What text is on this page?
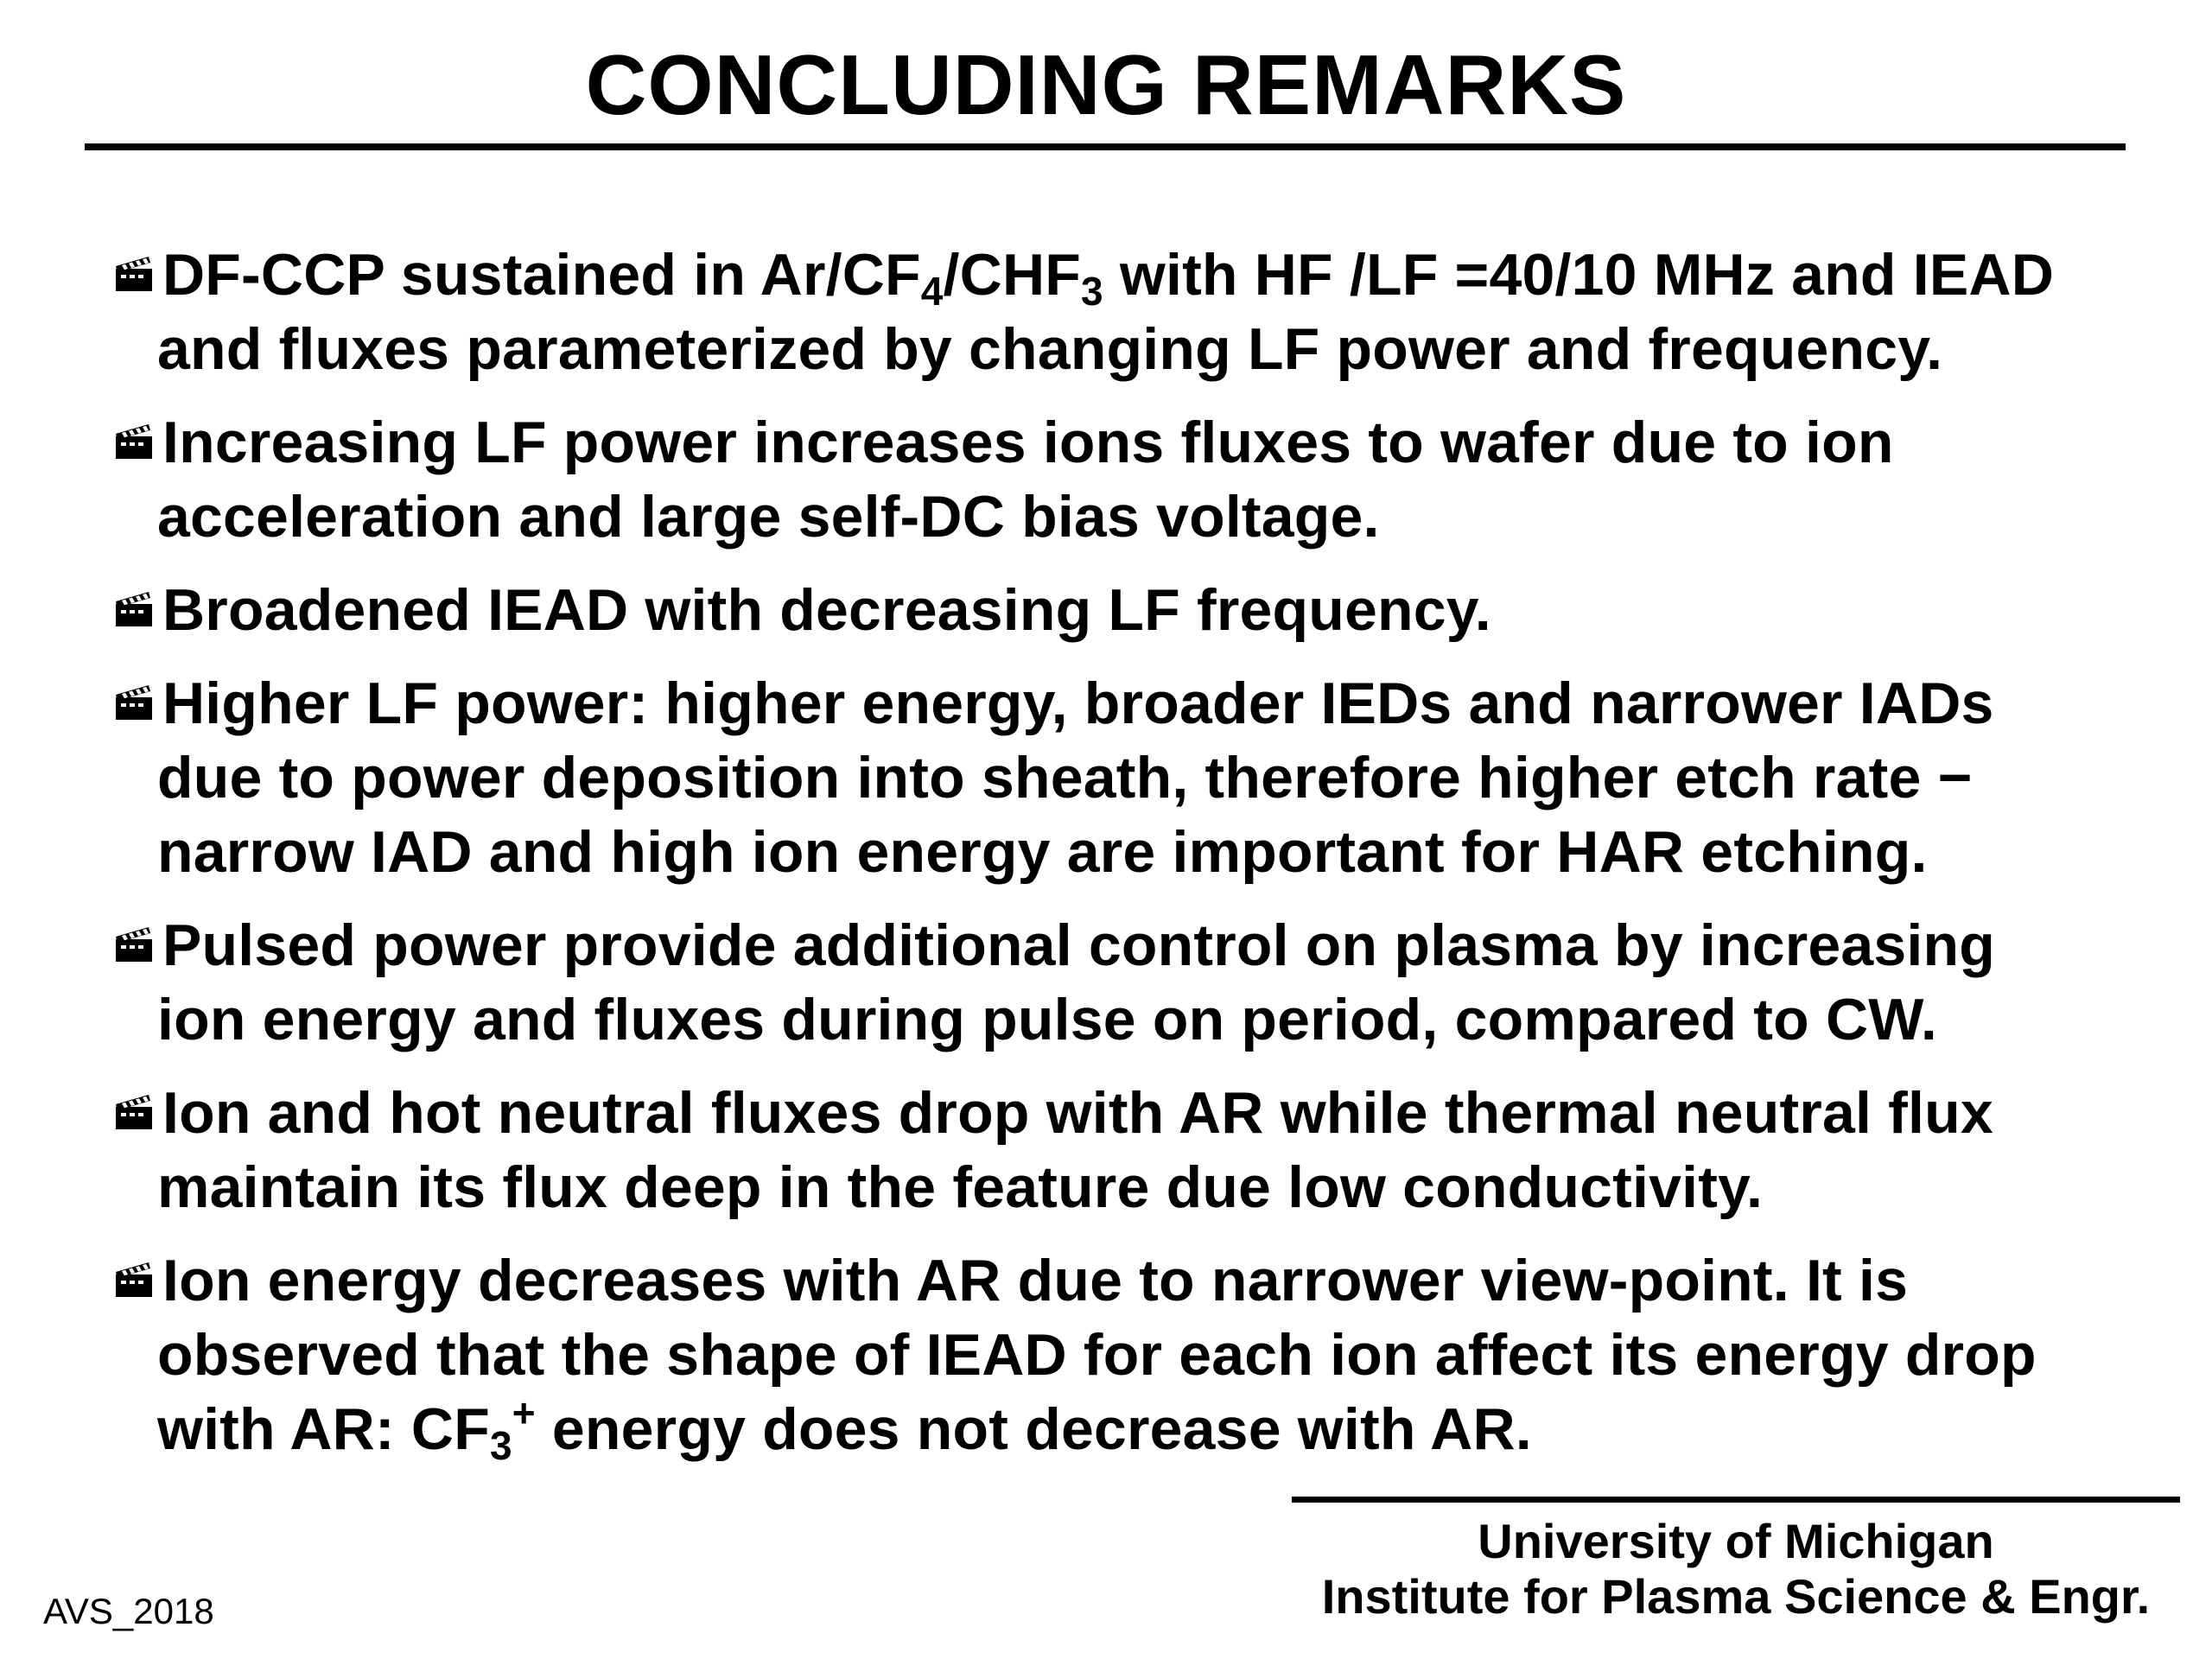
CONCLUDING REMARKS
DF-CCP sustained in $Ar/CF_4/CHF_3$ with HF /LF =40/10 MHz and IEAD
and fluxes parameterized by changing LF power and frequency.
Increasing LF power increases ions fluxes to wafer due to ion
acceleration and large self-DC bias voltage.
Broadened IEAD with decreasing LF frequency.
Higher LF power: higher energy, broader IEDs and narrower IADs
due to power deposition into sheath, therefore higher etch rate −
narrow IAD and high ion energy are important for HAR etching.
Pulsed power provide additional control on plasma by increasing
ion energy and fluxes during pulse on period, compared to CW.
Ion and hot neutral fluxes drop with AR while thermal neutral flux
maintain its flux deep in the feature due low conductivity.
Ion energy decreases with AR due to narrower view-point. It is
observed that the shape of IEAD for each ion affect its energy drop
with AR: $CF_3^+$ energy does not decrease with AR.
University of Michigan
Institute for Plasma Science & Engr.
AVS_2018
